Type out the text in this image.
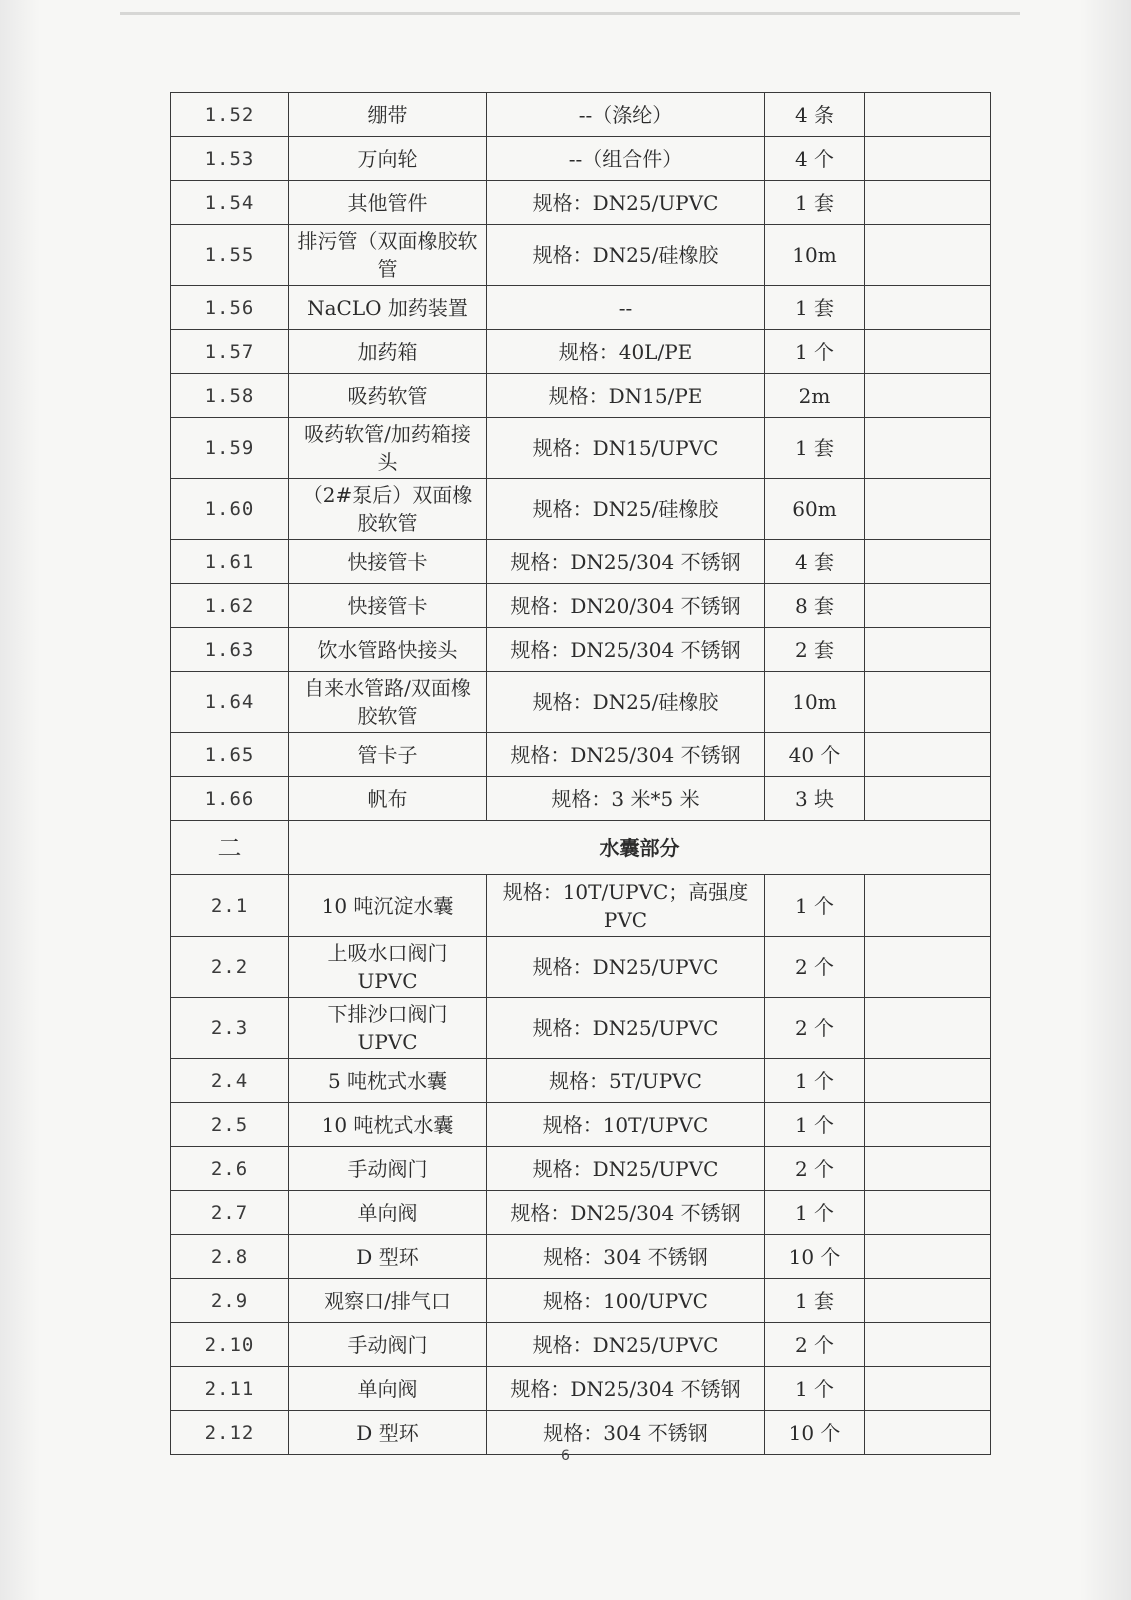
1.52	绷带	--（涤纶）	4 条	
1.53	万向轮	--（组合件）	4 个	
1.54	其他管件	规格：DN25/UPVC	1 套	
1.55	排污管（双面橡胶软管	规格：DN25/硅橡胶	10m	
1.56	NaCLO 加药装置	--	1 套	
1.57	加药箱	规格：40L/PE	1 个	
1.58	吸药软管	规格：DN15/PE	2m	
1.59	吸药软管/加药箱接头	规格：DN15/UPVC	1 套	
1.60	（2#泵后）双面橡胶软管	规格：DN25/硅橡胶	60m	
1.61	快接管卡	规格：DN25/304 不锈钢	4 套	
1.62	快接管卡	规格：DN20/304 不锈钢	8 套	
1.63	饮水管路快接头	规格：DN25/304 不锈钢	2 套	
1.64	自来水管路/双面橡胶软管	规格：DN25/硅橡胶	10m	
1.65	管卡子	规格：DN25/304 不锈钢	40 个	
1.66	帆布	规格：3 米*5 米	3 块	
二	水囊部分			
2.1	10 吨沉淀水囊	规格：10T/UPVC；高强度 PVC	1 个	
2.2	上吸水口阀门 UPVC	规格：DN25/UPVC	2 个	
2.3	下排沙口阀门 UPVC	规格：DN25/UPVC	2 个	
2.4	5 吨枕式水囊	规格：5T/UPVC	1 个	
2.5	10 吨枕式水囊	规格：10T/UPVC	1 个	
2.6	手动阀门	规格：DN25/UPVC	2 个	
2.7	单向阀	规格：DN25/304 不锈钢	1 个	
2.8	D 型环	规格：304 不锈钢	10 个	
2.9	观察口/排气口	规格：100/UPVC	1 套	
2.10	手动阀门	规格：DN25/UPVC	2 个	
2.11	单向阀	规格：DN25/304 不锈钢	1 个	
2.12	D 型环	规格：304 不锈钢	10 个	
6
